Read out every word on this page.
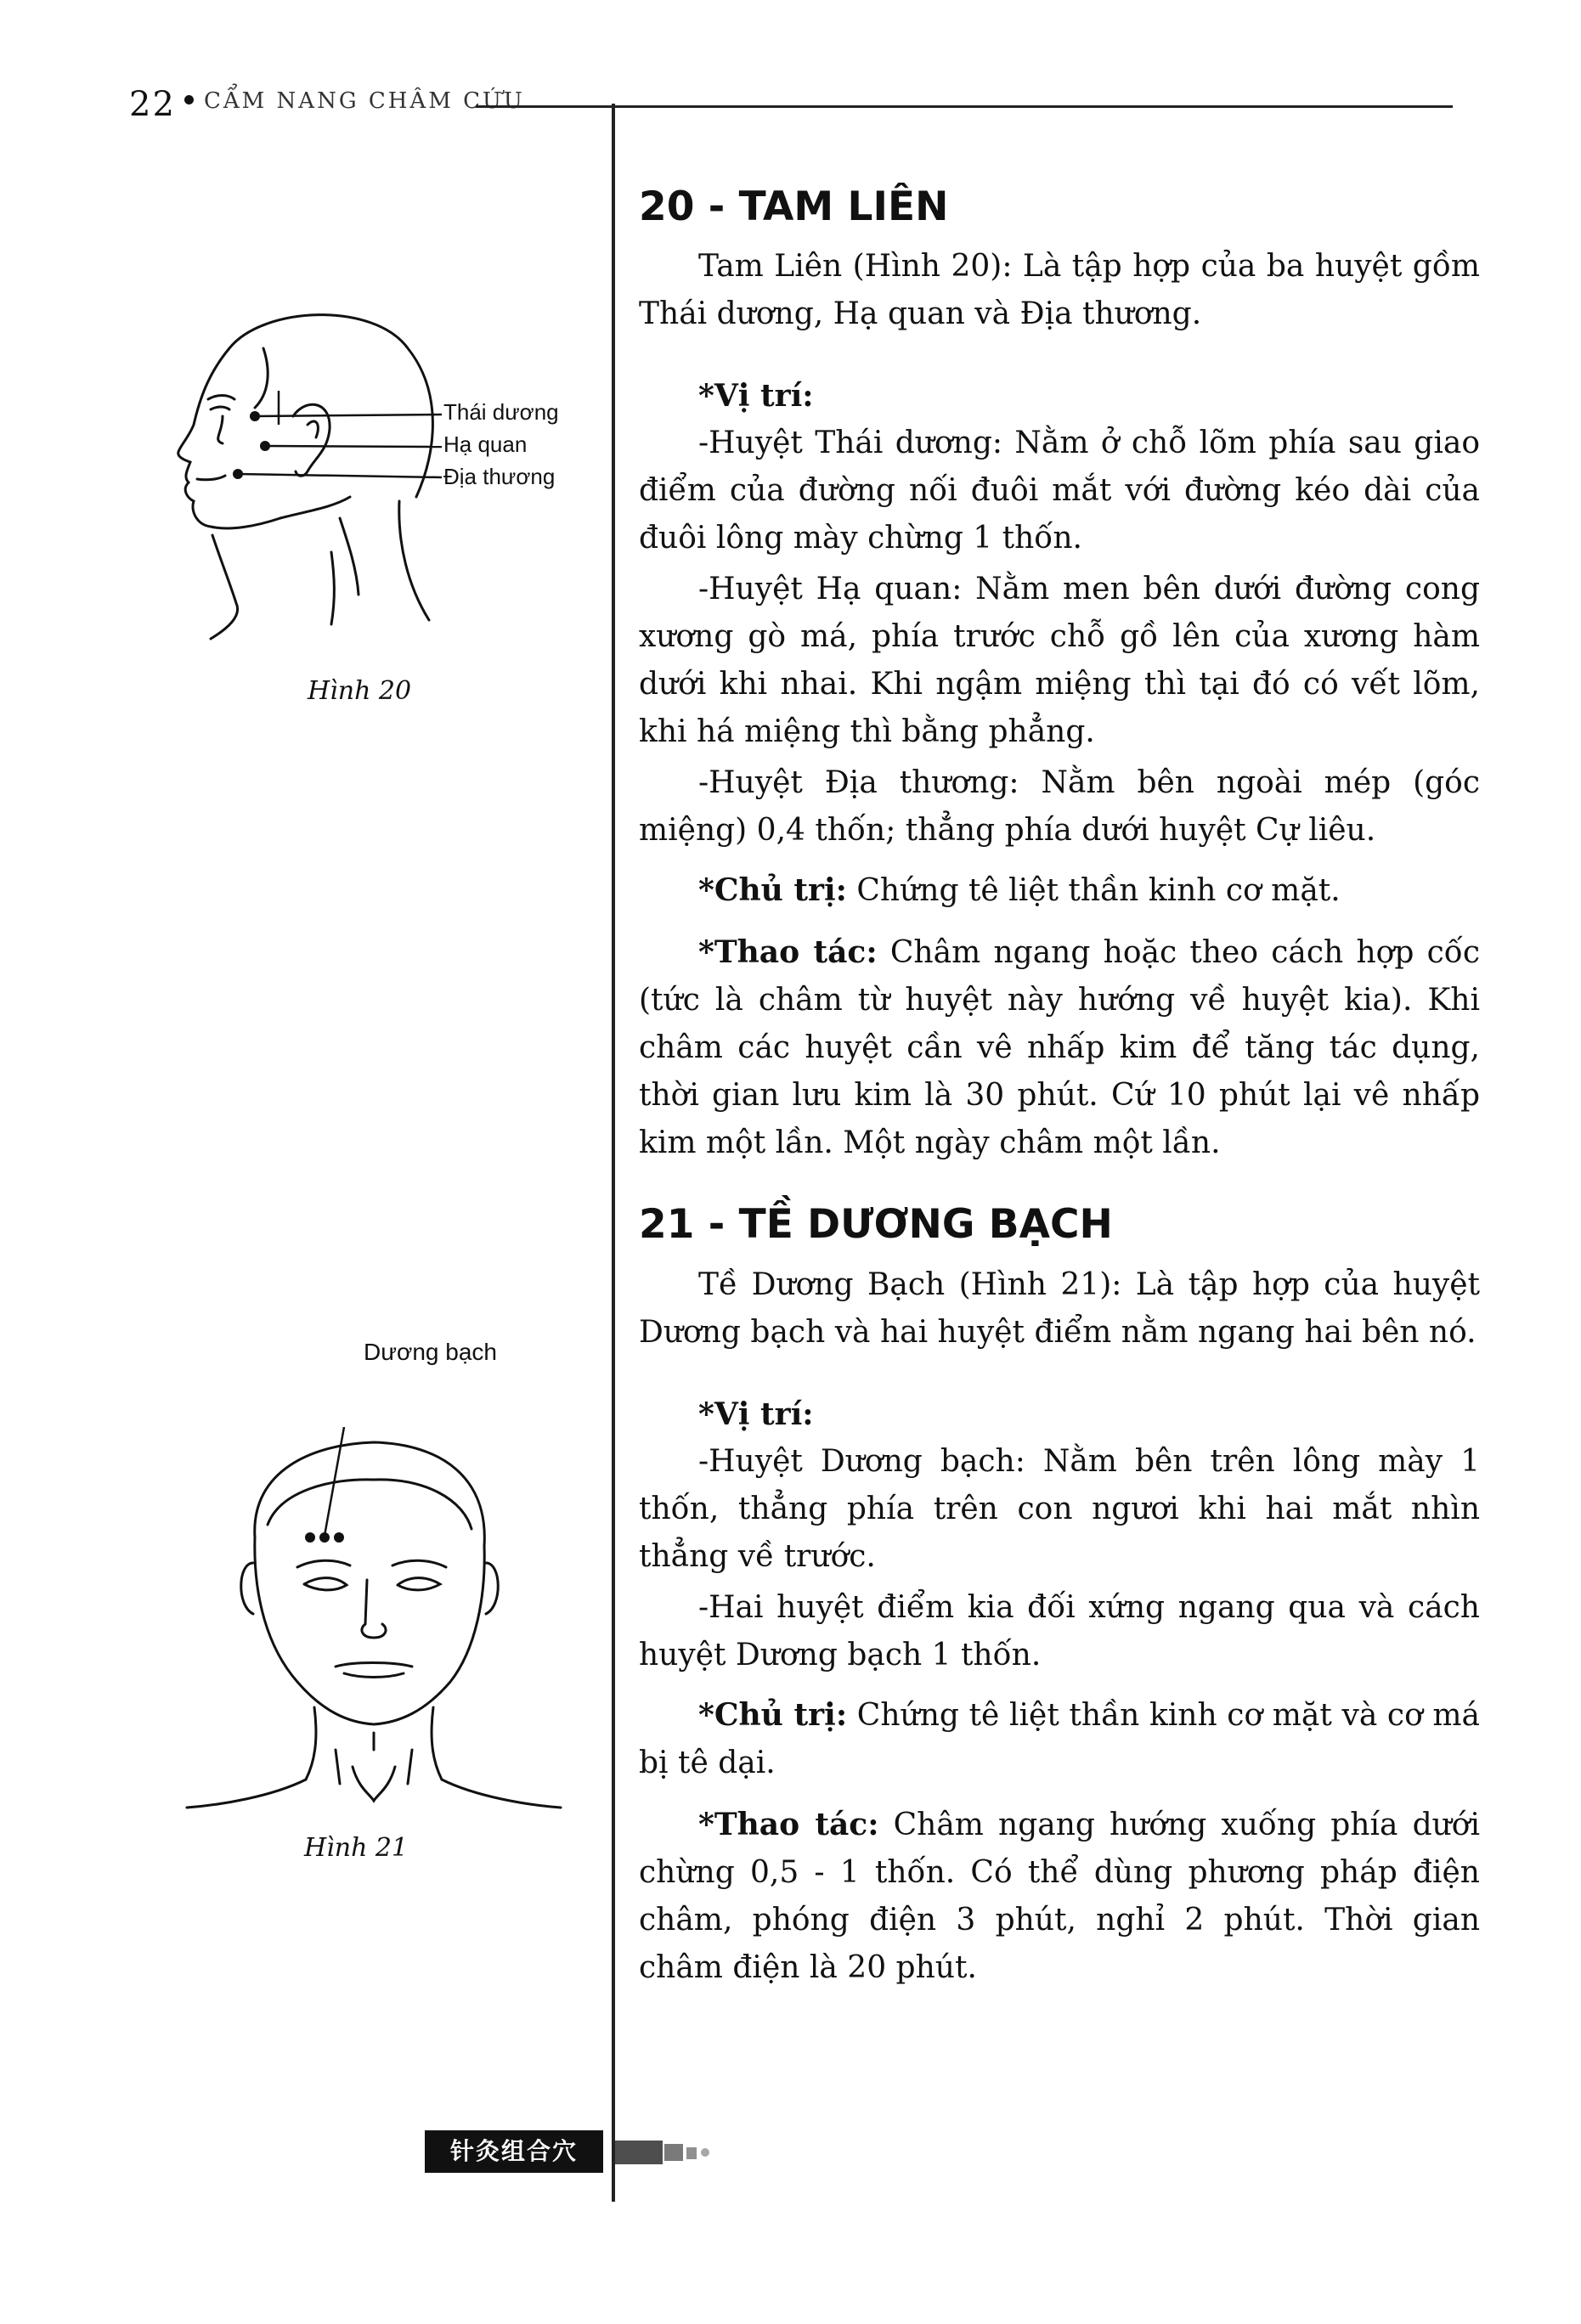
22 CẨM NANG CHÂM CỨU
Thái dương
Hạ quan
Địa thương
Hình 20
Dương bạch
Hình 21
20 - TAM LIÊN

Tam Liên (Hình 20): Là tập hợp của ba huyệt gồm Thái dương, Hạ quan và Địa thương.

*Vị trí:

-Huyệt Thái dương: Nằm ở chỗ lõm phía sau giao điểm của đường nối đuôi mắt với đường kéo dài của đuôi lông mày chừng 1 thốn.

-Huyệt Hạ quan: Nằm men bên dưới đường cong xương gò má, phía trước chỗ gồ lên của xương hàm dưới khi nhai. Khi ngậm miệng thì tại đó có vết lõm, khi há miệng thì bằng phẳng.

-Huyệt Địa thương: Nằm bên ngoài mép (góc miệng) 0,4 thốn; thẳng phía dưới huyệt Cự liêu.

*Chủ trị: Chứng tê liệt thần kinh cơ mặt.

*Thao tác: Châm ngang hoặc theo cách hợp cốc (tức là châm từ huyệt này hướng về huyệt kia). Khi châm các huyệt cần vê nhấp kim để tăng tác dụng, thời gian lưu kim là 30 phút. Cứ 10 phút lại vê nhấp kim một lần. Một ngày châm một lần.

21 - TỀ DƯƠNG BẠCH

Tề Dương Bạch (Hình 21): Là tập hợp của huyệt Dương bạch và hai huyệt điểm nằm ngang hai bên nó.

*Vị trí:

-Huyệt Dương bạch: Nằm bên trên lông mày 1 thốn, thẳng phía trên con ngươi khi hai mắt nhìn thẳng về trước.

-Hai huyệt điểm kia đối xứng ngang qua và cách huyệt Dương bạch 1 thốn.

*Chủ trị: Chứng tê liệt thần kinh cơ mặt và cơ má bị tê dại.

*Thao tác: Châm ngang hướng xuống phía dưới chừng 0,5 - 1 thốn. Có thể dùng phương pháp điện châm, phóng điện 3 phút, nghỉ 2 phút. Thời gian châm điện là 20 phút.

针灸组合穴
